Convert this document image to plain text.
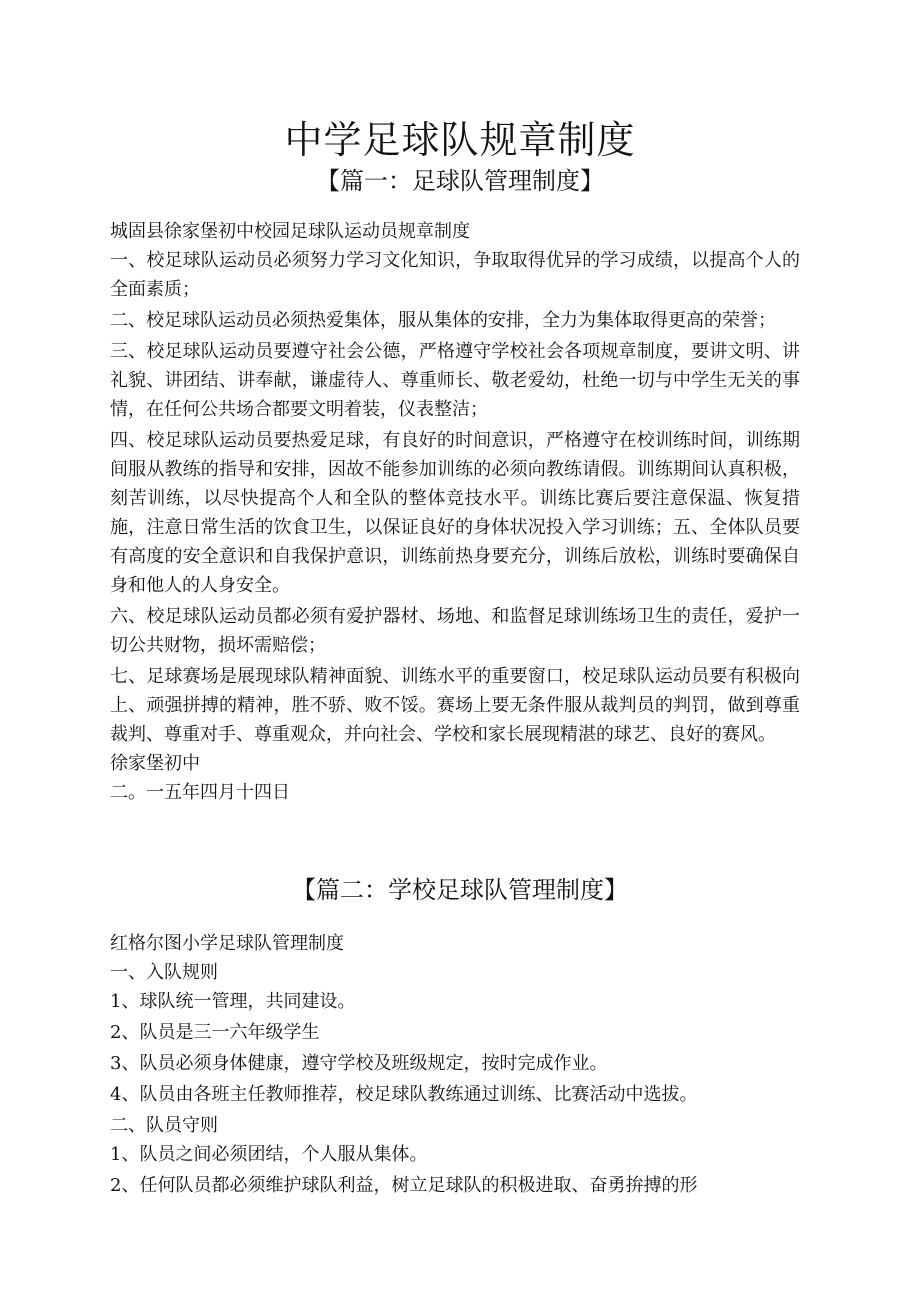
中学足球队规章制度
【篇一：足球队管理制度】

城固县徐家堡初中校园足球队运动员规章制度

一、校足球队运动员必须努力学习文化知识，争取取得优异的学习成绩，以提高个人的全面素质；

二、校足球队运动员必须热爱集体，服从集体的安排，全力为集体取得更高的荣誉；

三、校足球队运动员要遵守社会公德，严格遵守学校社会各项规章制度，要讲文明、讲礼貌、讲团结、讲奉献，谦虚待人、尊重师长、敬老爱幼，杜绝一切与中学生无关的事情，在任何公共场合都要文明着装，仪表整洁；

四、校足球队运动员要热爱足球，有良好的时间意识，严格遵守在校训练时间，训练期间服从教练的指导和安排，因故不能参加训练的必须向教练请假。训练期间认真积极，刻苦训练，以尽快提高个人和全队的整体竞技水平。训练比赛后要注意保温、恢复措施，注意日常生活的饮食卫生，以保证良好的身体状况投入学习训练；五、全体队员要有高度的安全意识和自我保护意识，训练前热身要充分，训练后放松，训练时要确保自身和他人的人身安全。

六、校足球队运动员都必须有爱护器材、场地、和监督足球训练场卫生的责任，爱护一切公共财物，损坏需赔偿；

七、足球赛场是展现球队精神面貌、训练水平的重要窗口，校足球队运动员要有积极向上、顽强拼搏的精神，胜不骄、败不馁。赛场上要无条件服从裁判员的判罚，做到尊重裁判、尊重对手、尊重观众，并向社会、学校和家长展现精湛的球艺、良好的赛风。

徐家堡初中

二。一五年四月十四日

【篇二：学校足球队管理制度】

红格尔图小学足球队管理制度

一、入队规则

1、球队统一管理，共同建设。

2、队员是三一六年级学生

3、队员必须身体健康，遵守学校及班级规定，按时完成作业。

4、队员由各班主任教师推荐，校足球队教练通过训练、比赛活动中选拔。

二、队员守则

1、队员之间必须团结，个人服从集体。

2、任何队员都必须维护球队利益，树立足球队的积极进取、奋勇拚搏的形
